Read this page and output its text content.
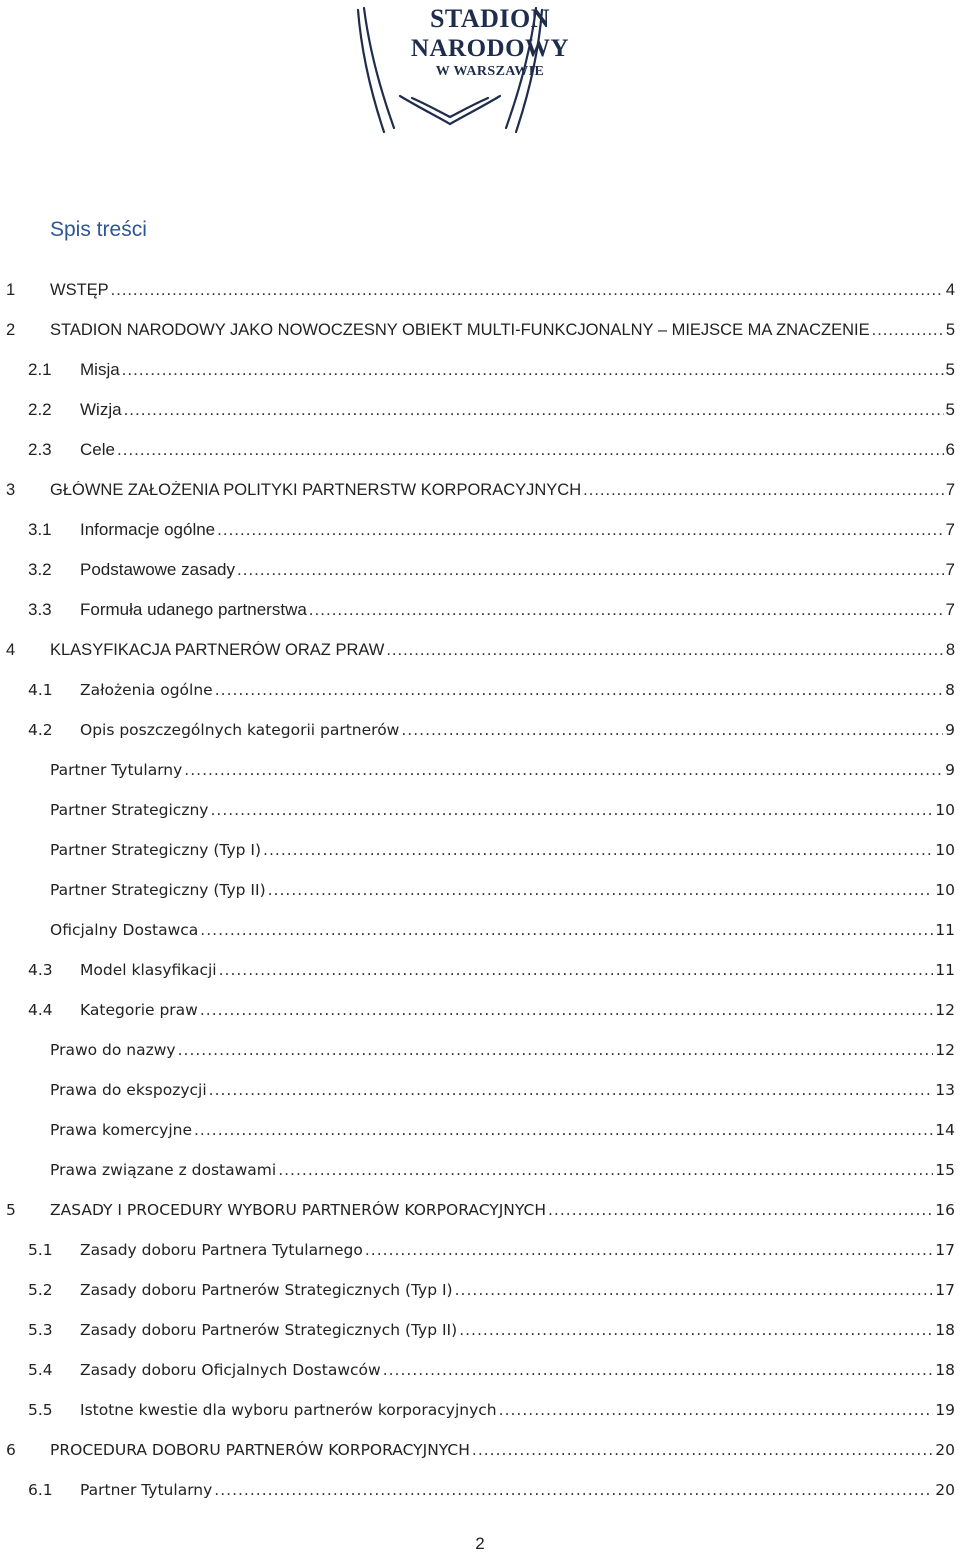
STADION
NARODOWY
W WARSZAWIE
Spis treści
1 WSTĘP .....	4
2 STADION NARODOWY JAKO NOWOCZESNY OBIEKT MULTI-FUNKCJONALNY – MIEJSCE MA ZNACZENIE .....	5
2.1 Misja .....	5
2.2 Wizja .....	5
2.3 Cele .....	6
3 GŁÓWNE ZAŁOŻENIA POLITYKI PARTNERSTW KORPORACYJNYCH .....	7
3.1 Informacje ogólne .....	7
3.2 Podstawowe zasady .....	7
3.3 Formuła udanego partnerstwa .....	7
4 KLASYFIKACJA PARTNERÓW ORAZ PRAW .....	8
4.1 Założenia ogólne .....	8
4.2 Opis poszczególnych kategorii partnerów .....	9
Partner Tytularny .....	9
Partner Strategiczny .....	10
Partner Strategiczny (Typ I) .....	10
Partner Strategiczny (Typ II) .....	10
Oficjalny Dostawca .....	11
4.3 Model klasyfikacji .....	11
4.4 Kategorie praw .....	12
Prawo do nazwy .....	12
Prawa do ekspozycji .....	13
Prawa komercyjne .....	14
Prawa związane z dostawami .....	15
5 ZASADY I PROCEDURY WYBORU PARTNERÓW KORPORACYJNYCH .....	16
5.1 Zasady doboru Partnera Tytularnego .....	17
5.2 Zasady doboru Partnerów Strategicznych (Typ I) .....	17
5.3 Zasady doboru Partnerów Strategicznych (Typ II) .....	18
5.4 Zasady doboru Oficjalnych Dostawców .....	18
5.5 Istotne kwestie dla wyboru partnerów korporacyjnych .....	19
6 PROCEDURA DOBORU PARTNERÓW KORPORACYJNYCH .....	20
6.1 Partner Tytularny .....	20
2
